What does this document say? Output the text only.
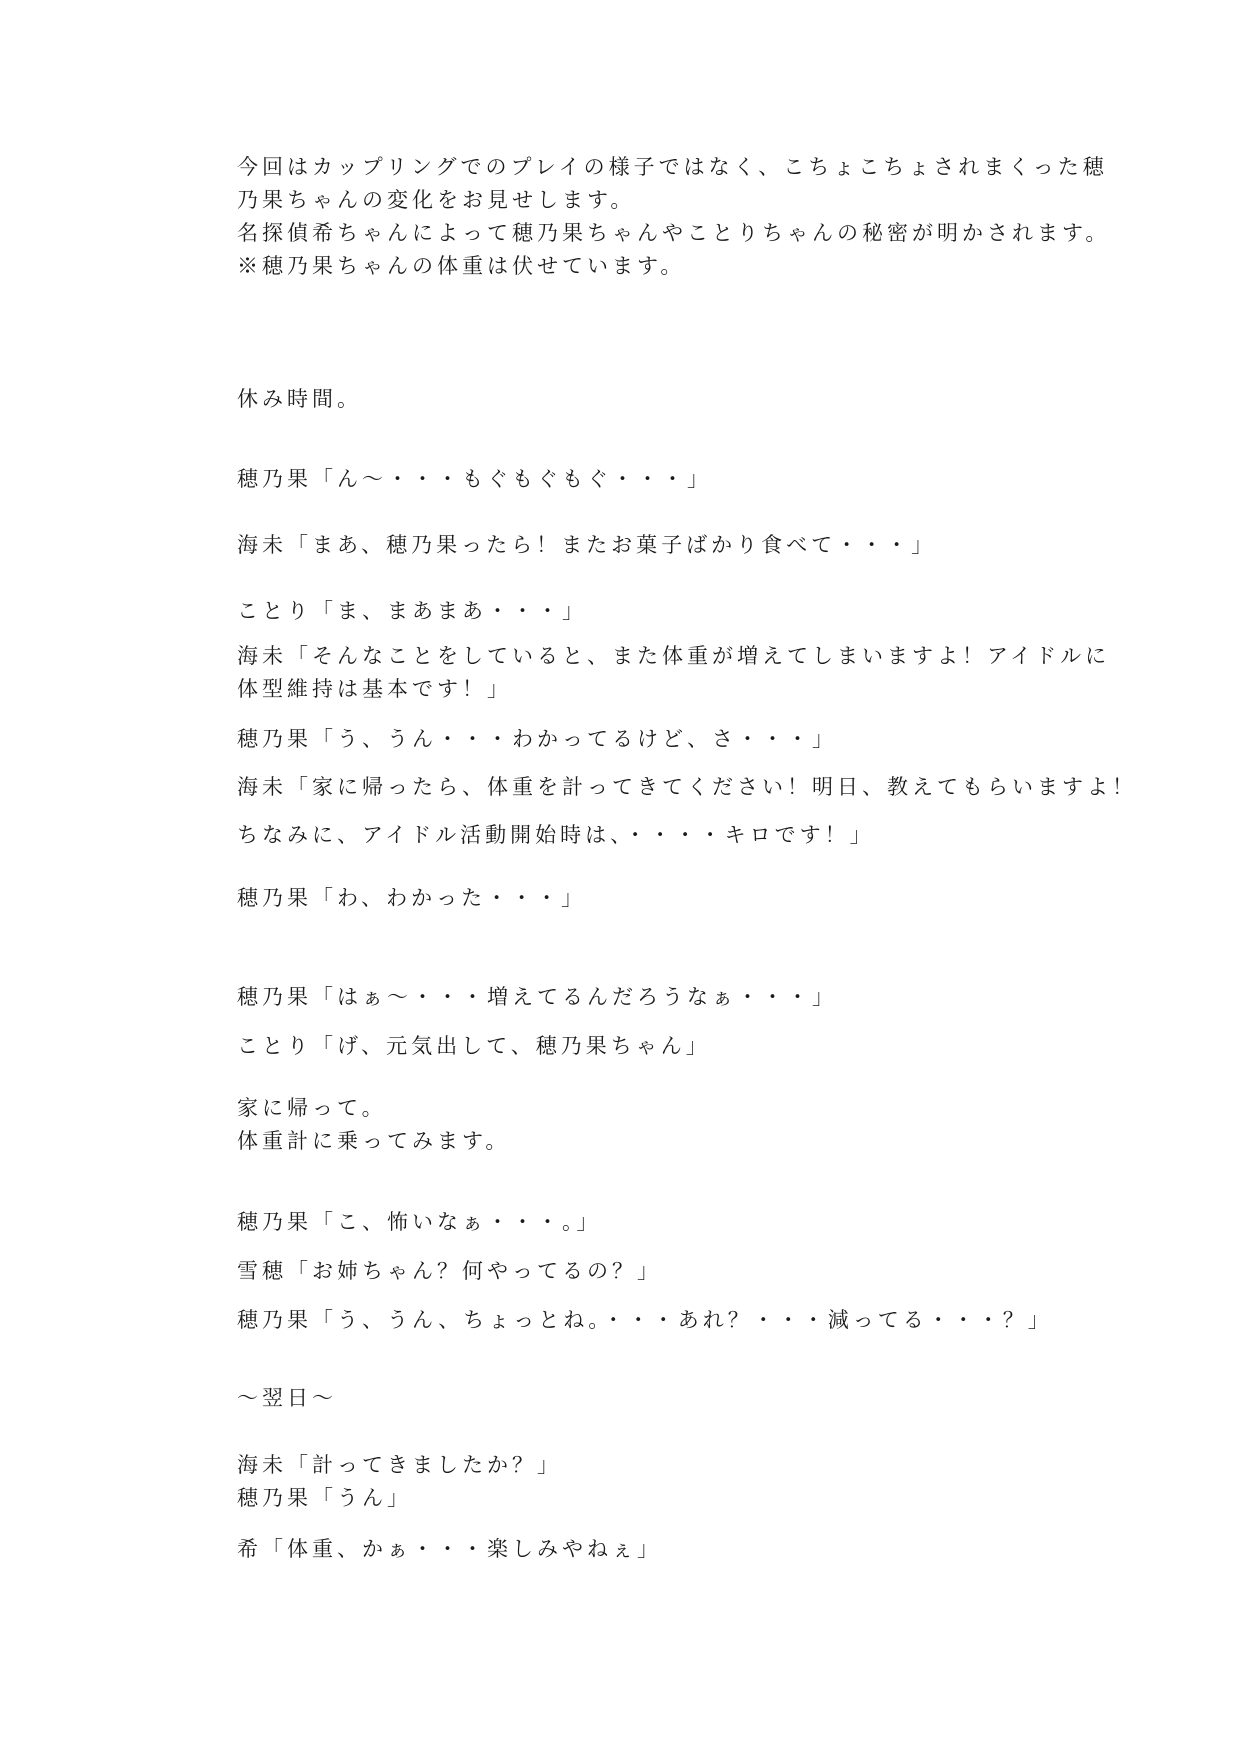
今回はカップリングでのプレイの様子ではなく、こちょこちょされまくった穂
乃果ちゃんの変化をお見せします。
名探偵希ちゃんによって穂乃果ちゃんやことりちゃんの秘密が明かされます。
※穂乃果ちゃんの体重は伏せています。
休み時間。
穂乃果「ん〜・・・もぐもぐもぐ・・・」
海未「まあ、穂乃果ったら！またお菓子ばかり食べて・・・」
ことり「ま、まあまあ・・・」
海未「そんなことをしていると、また体重が増えてしまいますよ！アイドルに
体型維持は基本です！」
穂乃果「う、うん・・・わかってるけど、さ・・・」
海未「家に帰ったら、体重を計ってきてください！明日、教えてもらいますよ！
ちなみに、アイドル活動開始時は、・・・・キロです！」
穂乃果「わ、わかった・・・」
穂乃果「はぁ〜・・・増えてるんだろうなぁ・・・」
ことり「げ、元気出して、穂乃果ちゃん」
家に帰って。
体重計に乗ってみます。
穂乃果「こ、怖いなぁ・・・。」
雪穂「お姉ちゃん？何やってるの？」
穂乃果「う、うん、ちょっとね。・・・あれ？・・・減ってる・・・？」
〜翌日〜
海未「計ってきましたか？」
穂乃果「うん」
希「体重、かぁ・・・楽しみやねぇ」
